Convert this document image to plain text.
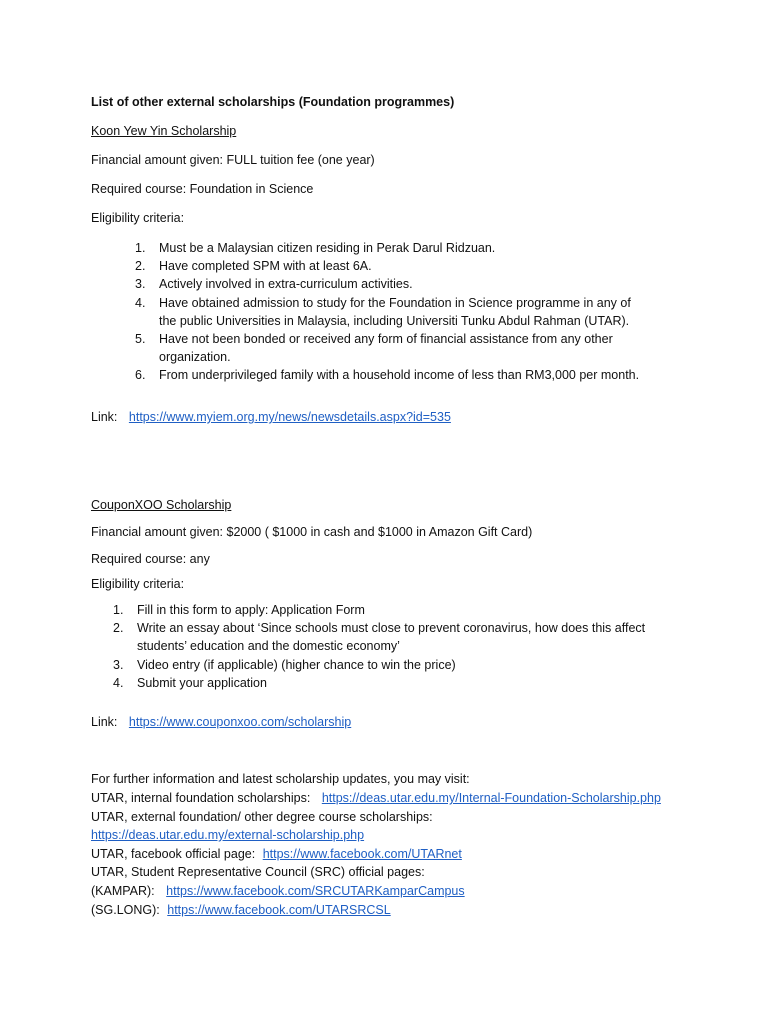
List of other external scholarships (Foundation programmes)
Koon Yew Yin Scholarship
Financial amount given: FULL tuition fee (one year)
Required course: Foundation in Science
Eligibility criteria:
1. Must be a Malaysian citizen residing in Perak Darul Ridzuan.
2. Have completed SPM with at least 6A.
3. Actively involved in extra-curriculum activities.
4. Have obtained admission to study for the Foundation in Science programme in any of
the public Universities in Malaysia, including Universiti Tunku Abdul Rahman (UTAR).
5. Have not been bonded or received any form of financial assistance from any other
organization.
6. From underprivileged family with a household income of less than RM3,000 per month.
Link: https://www.myiem.org.my/news/newsdetails.aspx?id=535
CouponXOO Scholarship
Financial amount given: $2000 ( $1000 in cash and $1000 in Amazon Gift Card)
Required course: any
Eligibility criteria:
1. Fill in this form to apply: Application Form
2. Write an essay about ‘Since schools must close to prevent coronavirus, how does this affect
students’ education and the domestic economy’
3. Video entry (if applicable) (higher chance to win the price)
4. Submit your application
Link: https://www.couponxoo.com/scholarship
For further information and latest scholarship updates, you may visit:
UTAR, internal foundation scholarships: https://deas.utar.edu.my/Internal-Foundation-Scholarship.php
UTAR, external foundation/ other degree course scholarships:
https://deas.utar.edu.my/external-scholarship.php
UTAR, facebook official page: https://www.facebook.com/UTARnet
UTAR, Student Representative Council (SRC) official pages:
(KAMPAR): https://www.facebook.com/SRCUTARKamparCampus
(SG.LONG): https://www.facebook.com/UTARSRCSL
